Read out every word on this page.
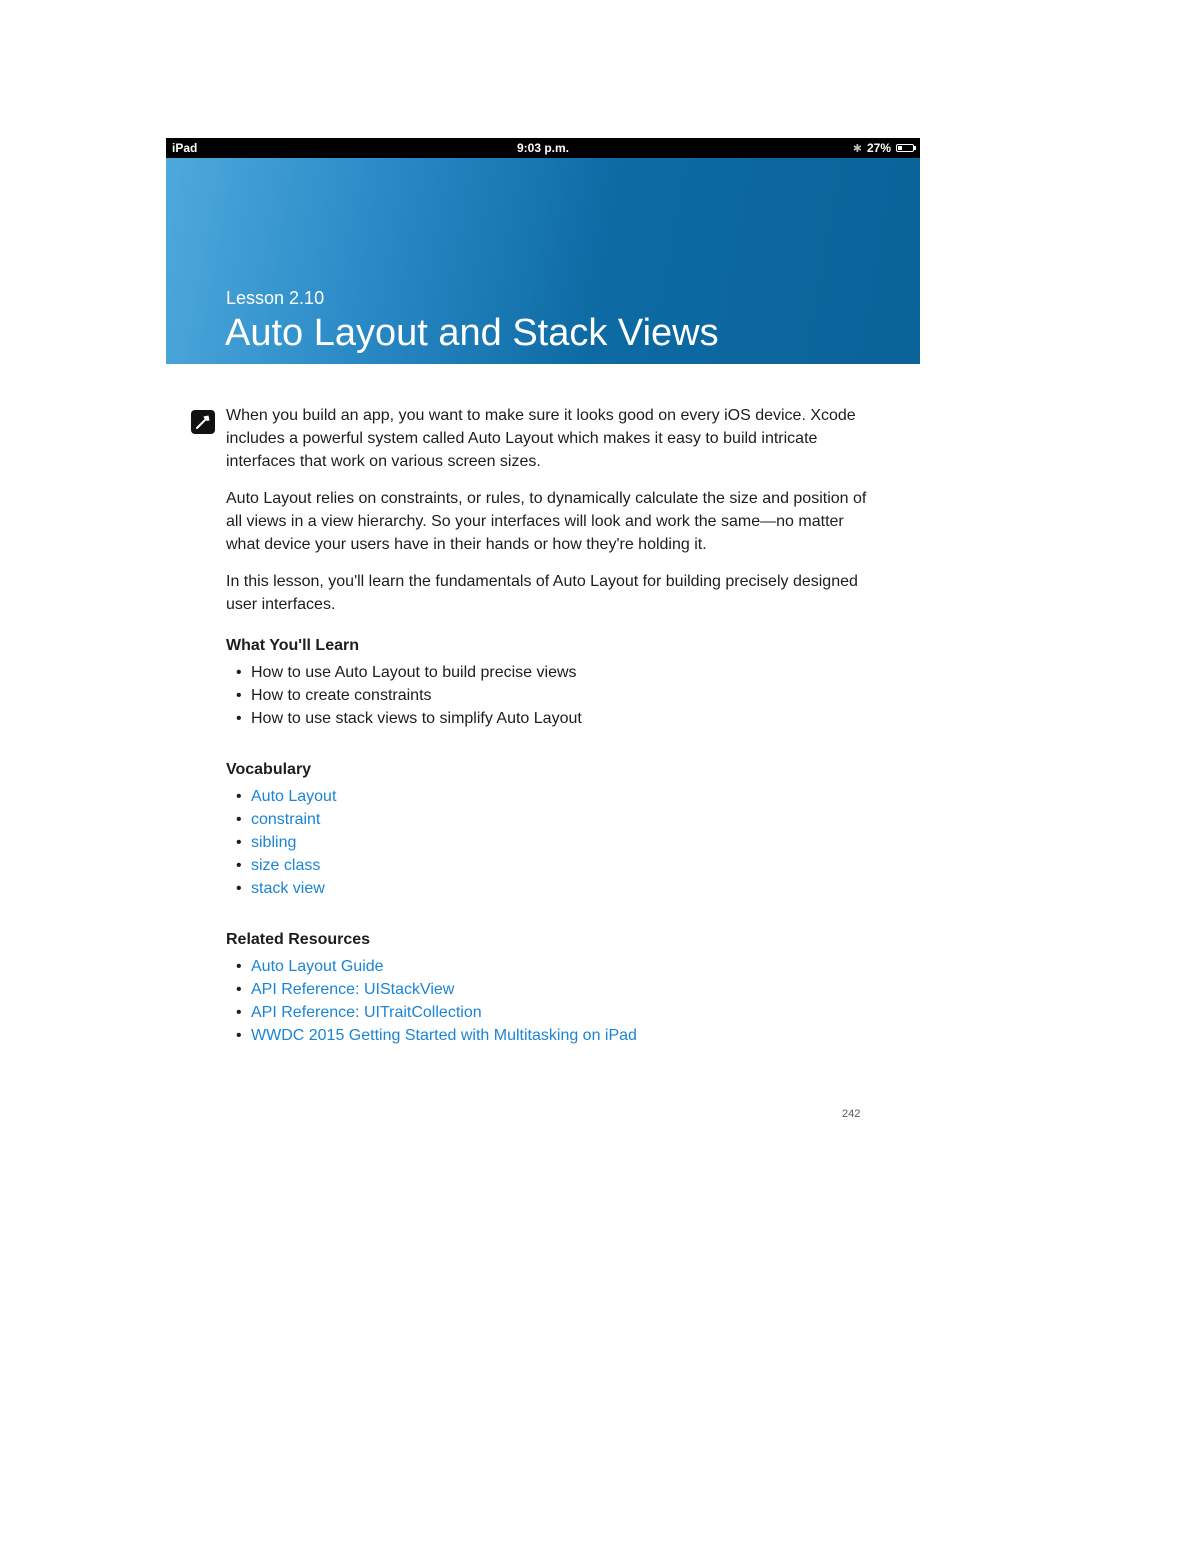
iPad	9:03 p.m.	✱ 27%
Lesson 2.10
Auto Layout and Stack Views

When you build an app, you want to make sure it looks good on every iOS device. Xcode includes a powerful system called Auto Layout which makes it easy to build intricate interfaces that work on various screen sizes.

Auto Layout relies on constraints, or rules, to dynamically calculate the size and position of all views in a view hierarchy. So your interfaces will look and work the same—no matter what device your users have in their hands or how they're holding it.

In this lesson, you'll learn the fundamentals of Auto Layout for building precisely designed user interfaces.

What You'll Learn
• How to use Auto Layout to build precise views
• How to create constraints
• How to use stack views to simplify Auto Layout
Vocabulary
• Auto Layout
• constraint
• sibling
• size class
• stack view
Related Resources
• Auto Layout Guide
• API Reference: UIStackView
• API Reference: UITraitCollection
• WWDC 2015 Getting Started with Multitasking on iPad
242
